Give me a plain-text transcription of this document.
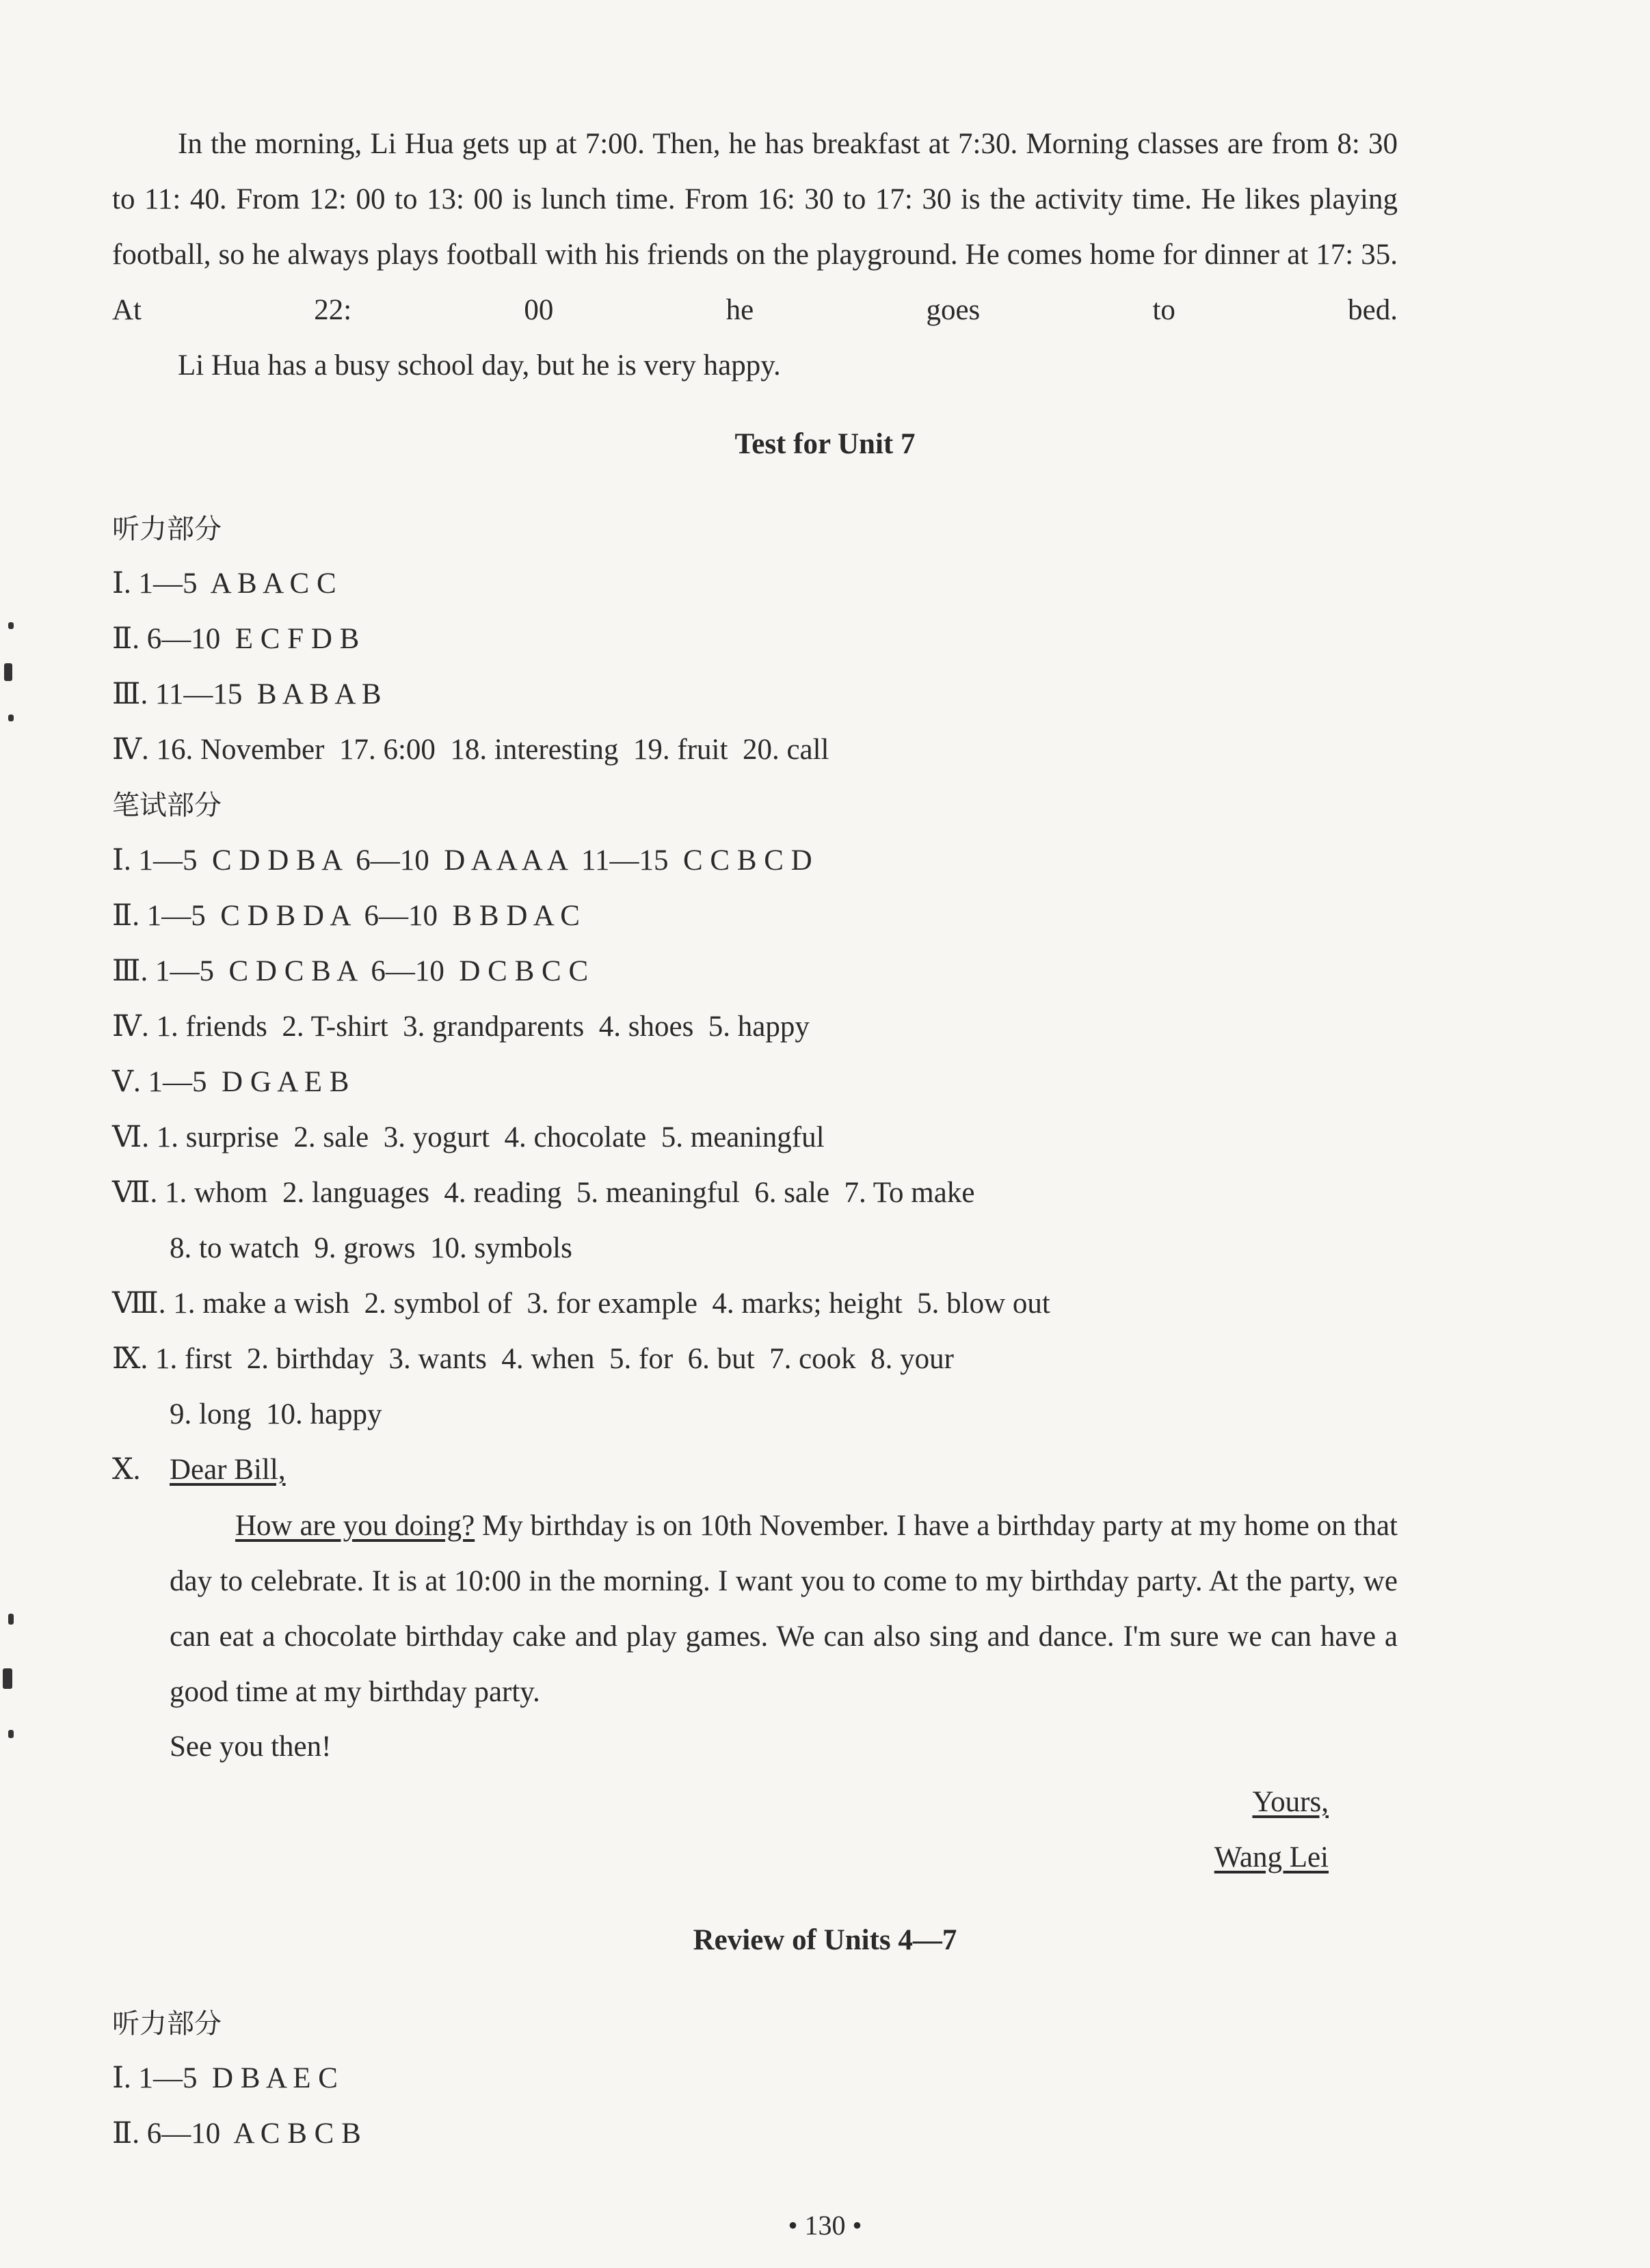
In the morning, Li Hua gets up at 7:00. Then, he has breakfast at 7:30. Morning classes are from 8: 30 to 11: 40. From 12: 00 to 13: 00 is lunch time. From 16: 30 to 17: 30 is the activity time. He likes playing football, so he always plays football with his friends on the playground. He comes home for dinner at 17: 35. At 22: 00 he goes to bed.

Li Hua has a busy school day, but he is very happy.

Test for Unit 7
听力部分
Ⅰ. 1—5  A B A C C
Ⅱ. 6—10  E C F D B
Ⅲ. 11—15  B A B A B
Ⅳ. 16. November  17. 6:00  18. interesting  19. fruit  20. call
笔试部分
Ⅰ. 1—5  C D D B A  6—10  D A A A A  11—15  C C B C D
Ⅱ. 1—5  C D B D A  6—10  B B D A C
Ⅲ. 1—5  C D C B A  6—10  D C B C C
Ⅳ. 1. friends  2. T-shirt  3. grandparents  4. shoes  5. happy
Ⅴ. 1—5  D G A E B
Ⅵ. 1. surprise  2. sale  3. yogurt  4. chocolate  5. meaningful
Ⅶ. 1. whom  2. languages  4. reading  5. meaningful  6. sale  7. To make
8. to watch  9. grows  10. symbols
Ⅷ. 1. make a wish  2. symbol of  3. for example  4. marks; height  5. blow out
Ⅸ. 1. first  2. birthday  3. wants  4. when  5. for  6. but  7. cook  8. your
9. long  10. happy
Ⅹ. Dear Bill,

How are you doing? My birthday is on 10th November. I have a birthday party at my home on that day to celebrate. It is at 10:00 in the morning. I want you to come to my birthday party. At the party, we can eat a chocolate birthday cake and play games. We can also sing and dance. I'm sure we can have a good time at my birthday party.

See you then!
Yours,
Wang Lei
Review of Units 4—7
听力部分
Ⅰ. 1—5  D B A E C
Ⅱ. 6—10  A C B C B
• 130 •
